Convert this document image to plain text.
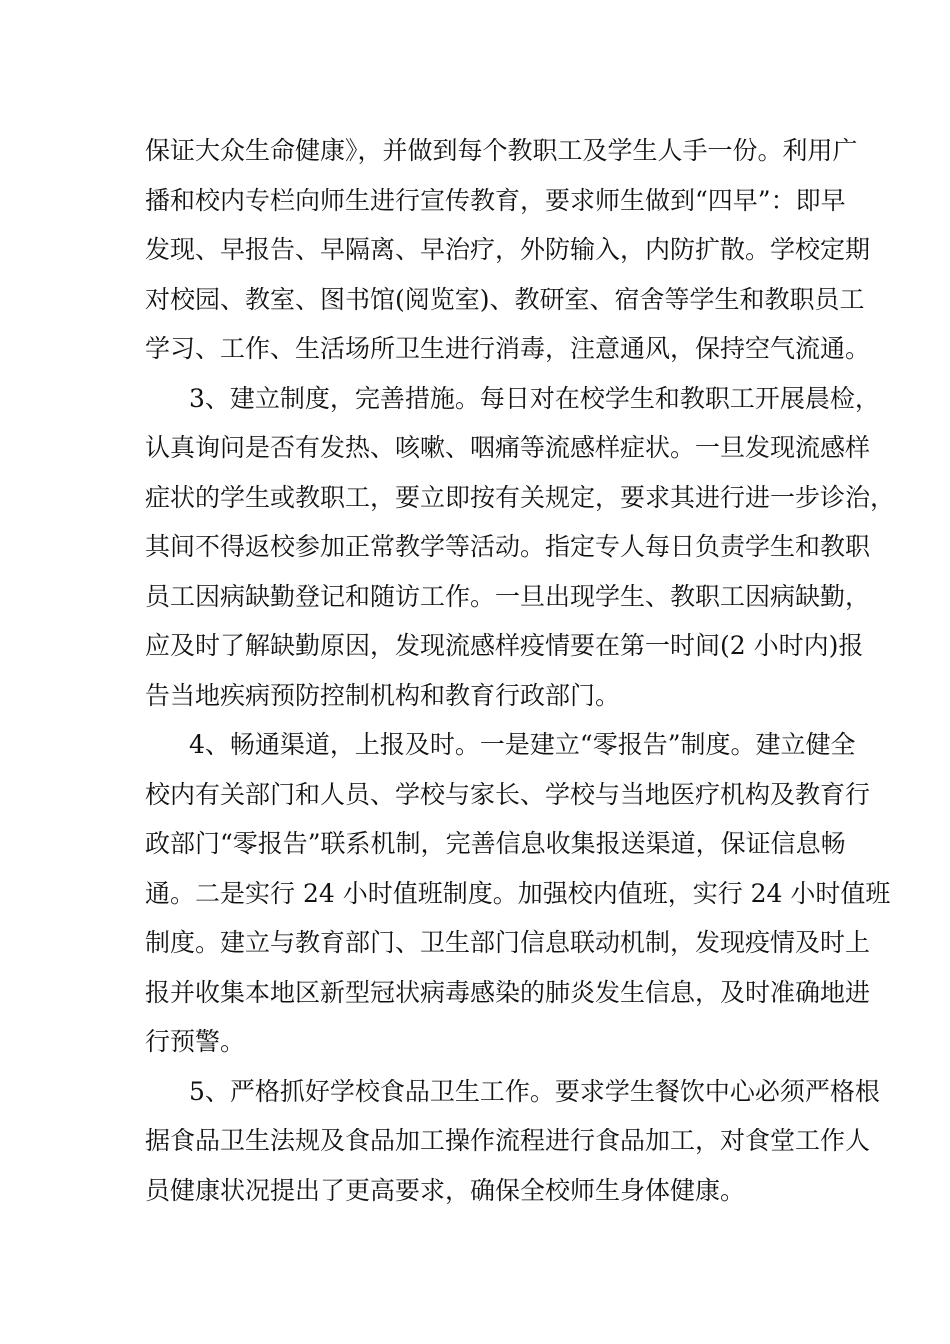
保证大众生命健康》，并做到每个教职工及学生人手一份。利用广
播和校内专栏向师生进行宣传教育，要求师生做到“四早”：即早
发现、早报告、早隔离、早治疗，外防输入，内防扩散。学校定期
对校园、教室、图书馆(阅览室)、教研室、宿舍等学生和教职员工
学习、工作、生活场所卫生进行消毒，注意通风，保持空气流通。
3、建立制度，完善措施。每日对在校学生和教职工开展晨检，
认真询问是否有发热、咳嗽、咽痛等流感样症状。一旦发现流感样
症状的学生或教职工，要立即按有关规定，要求其进行进一步诊治，
其间不得返校参加正常教学等活动。指定专人每日负责学生和教职
员工因病缺勤登记和随访工作。一旦出现学生、教职工因病缺勤，
应及时了解缺勤原因，发现流感样疫情要在第一时间(2 小时内)报
告当地疾病预防控制机构和教育行政部门。
4、畅通渠道，上报及时。一是建立“零报告”制度。建立健全
校内有关部门和人员、学校与家长、学校与当地医疗机构及教育行
政部门“零报告”联系机制，完善信息收集报送渠道，保证信息畅
通。二是实行 24 小时值班制度。加强校内值班，实行 24 小时值班
制度。建立与教育部门、卫生部门信息联动机制，发现疫情及时上
报并收集本地区新型冠状病毒感染的肺炎发生信息，及时准确地进
行预警。
5、严格抓好学校食品卫生工作。要求学生餐饮中心必须严格根
据食品卫生法规及食品加工操作流程进行食品加工，对食堂工作人
员健康状况提出了更高要求，确保全校师生身体健康。
